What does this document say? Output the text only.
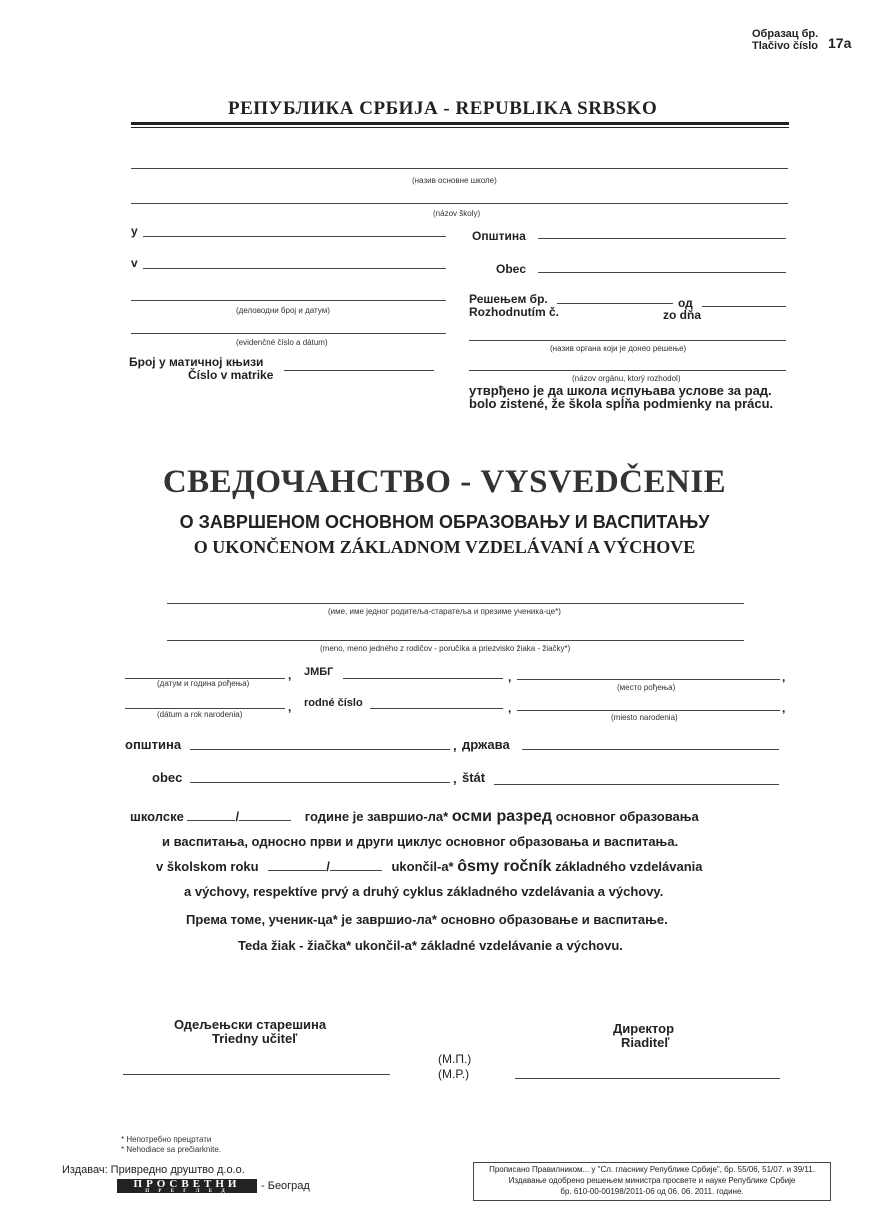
Образац бр.
Tlačivo číslo 17a
РЕПУБЛИКА СРБИЈА - REPUBLIKA SRBSKO
(назив основне школе)
(názov školy)
у	Општина
v	Obec
(деловодни број и датум)
(evidenčné číslo a dátum)
Број у матичној књизи
Číslo v matrike
Решењем бр.
Rozhodnutím č.
од
zo dňa
(назив органа који је донео решење)
(názov orgánu, ktorý rozhodol)
утврђено је да школа испуњава услове за рад.
bolo zistené, že škola spĺňa podmienky na prácu.
СВЕДОЧАНСТВО - VYSVEDČENIE
О ЗАВРШЕНОМ ОСНОВНОМ ОБРАЗОВАЊУ И ВАСПИТАЊУ
O UKONČENOM ZÁKLADNOM VZDELÁVANÍ A VÝCHOVE
(име, име једног родитеља-старатеља и презиме ученика-це*)
(meno, meno jedného z rodičov - poručíka a priezvisko žiaka - žiačky*)
, JMБГ	,	,
(датум и година рођења)	(место рођења)
, rodné číslo	,	,
(dátum a rok narodenia)	(miesto narodenia)
општина	, држава
obec	, štát
школске	/	године је завршио-ла* осми разред основног образовања
и васпитања, односно први и други циклус основног образовања и васпитања.
v školskom roku	/	ukončil-a* ôsmy ročník základného vzdelávania
a výchovy, respektíve prvý a druhý cyklus základného vzdelávania a výchovy.
Према томе, ученик-ца* је завршио-ла* основно образовање и васпитање.
Teda žiak - žiačka* ukončil-a* základné vzdelávanie a výchovu.
Одељењски старешина
Triedny učiteľ
(М.П.)
(M.P.)
Директор
Riaditeľ
* Непотребно прецртати
* Nehodiace sa prečiarknite.
Издавач: Привредно друштво д.о.о.
ПРОСВЕТНИ
П Р Е Г Л Е Д	- Београд
Прописано Правилником... у "Сл. гласнику Републике Србије", бр. 55/06, 51/07. и 39/11.
Издавање одобрено решењем министра просвете и науке Републике Србије
бр. 610-00-00198/2011-06 од 06. 06. 2011. године.
